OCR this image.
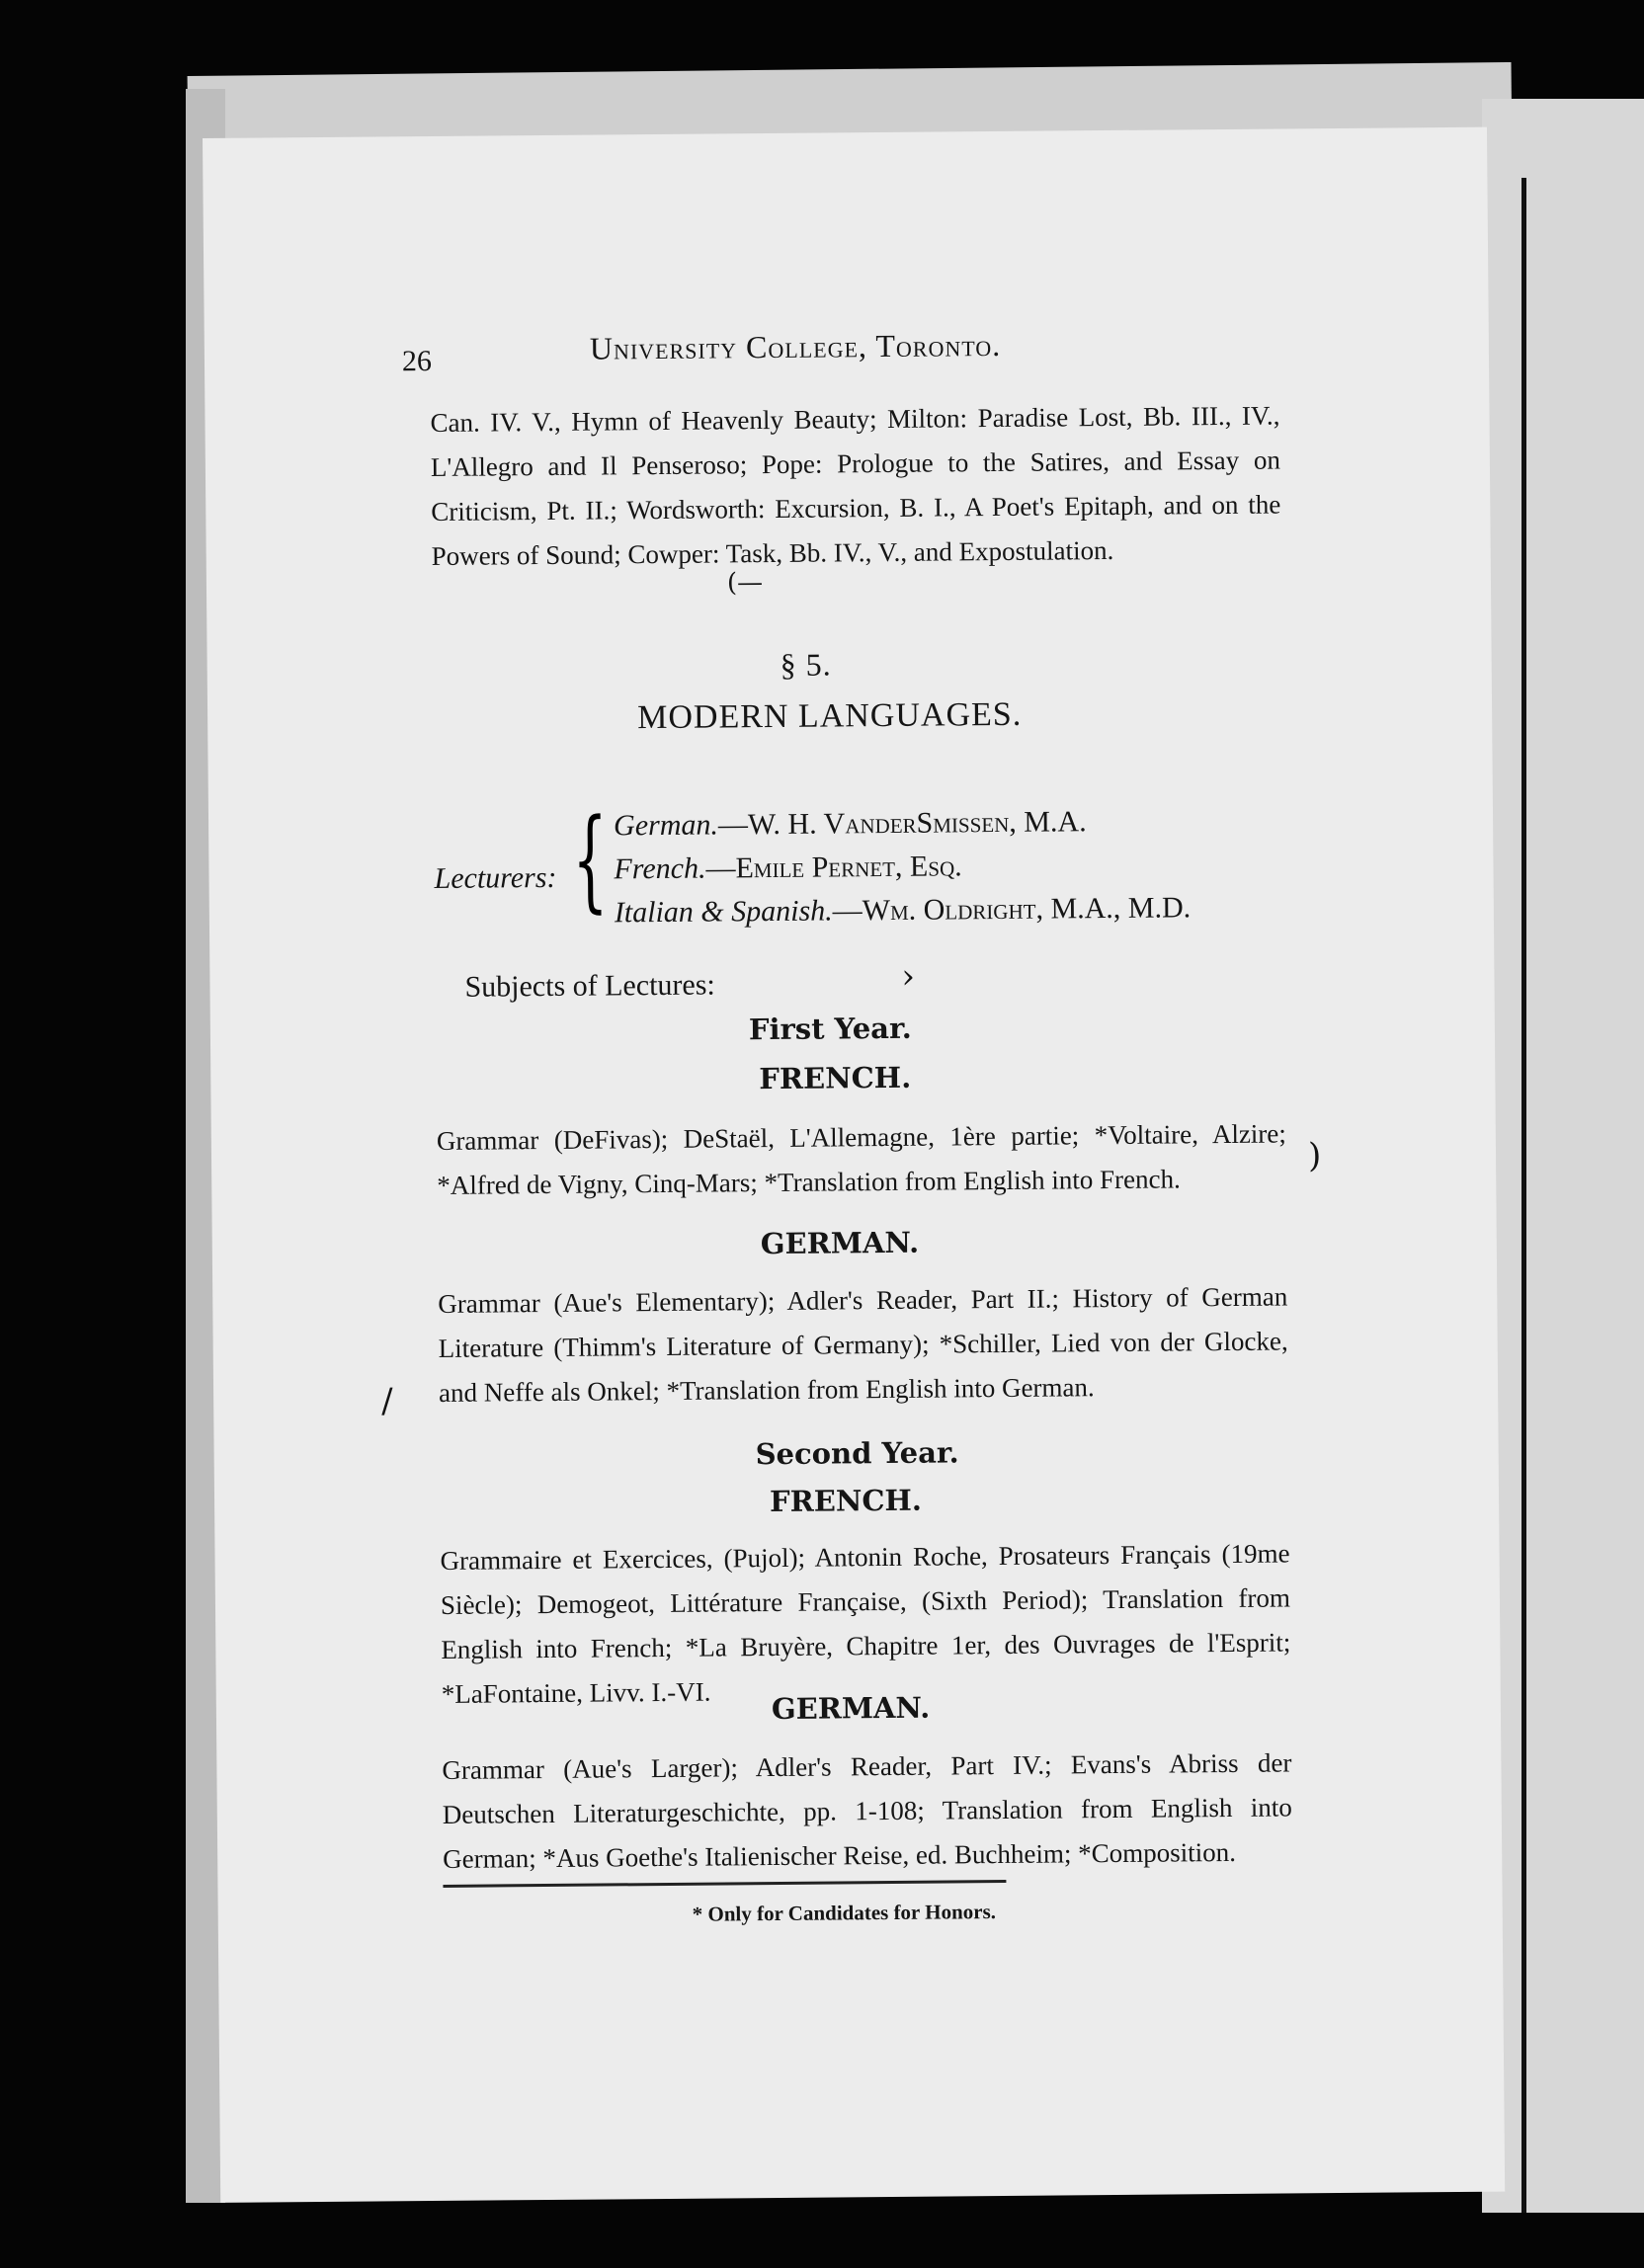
26	University College, Toronto.
Can. IV. V., Hymn of Heavenly Beauty; Milton: Paradise Lost, Bb. III., IV., L'Allegro and Il Penseroso; Pope: Prologue to the Satires, and Essay on Criticism, Pt. II.; Wordsworth: Excursion, B. I., A Poet's Epitaph, and on the Powers of Sound; Cowper: Task, Bb. IV., V., and Expostulation.
(—
§ 5.
MODERN LANGUAGES.
Lecturers: { German.—W. H. VanderSmissen, M.A.
French.—Emile Pernet, Esq.
Italian & Spanish.—Wm. Oldright, M.A., M.D.
Subjects of Lectures:
First Year.
FRENCH.
Grammar (DeFivas); DeStaël, L'Allemagne, 1ère partie; *Voltaire, Alzire; *Alfred de Vigny, Cinq-Mars; *Translation from English into French.
GERMAN.
Grammar (Aue's Elementary); Adler's Reader, Part II.; History of German Literature (Thimm's Literature of Germany); *Schiller, Lied von der Glocke, and Neffe als Onkel; *Translation from English into German.
Second Year.
FRENCH.
Grammaire et Exercices, (Pujol); Antonin Roche, Prosateurs Français (19me Siècle); Demogeot, Littérature Française, (Sixth Period); Translation from English into French; *La Bruyère, Chapitre 1er, des Ouvrages de l'Esprit; *LaFontaine, Livv. I.-VI.	GERMAN.
Grammar (Aue's Larger); Adler's Reader, Part IV.; Evans's Abriss der Deutschen Literaturgeschichte, pp. 1-108; Translation from English into German; *Aus Goethe's Italienischer Reise, ed. Buchheim; *Composition.
* Only for Candidates for Honors.
›
)
/
